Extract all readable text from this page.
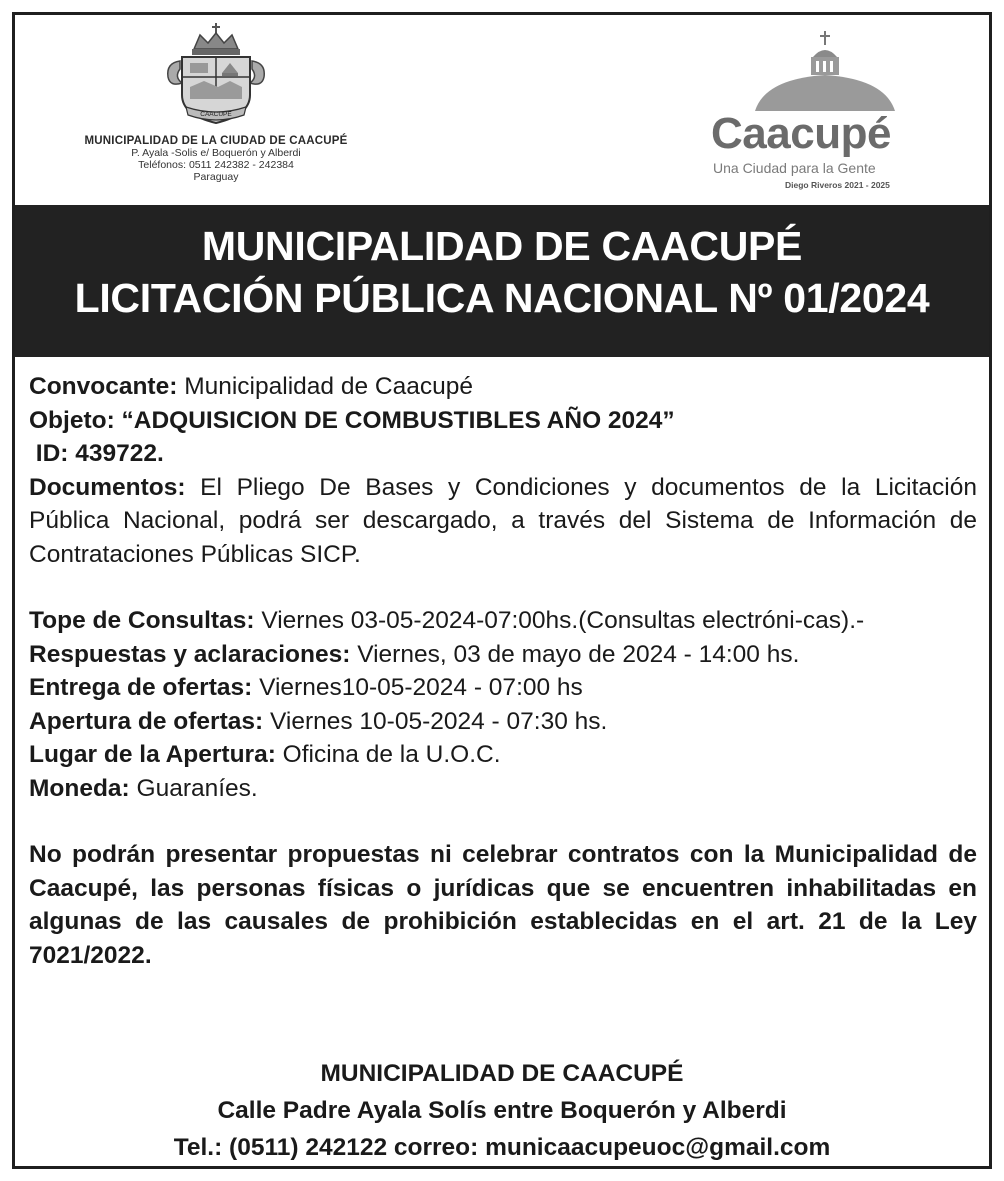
CAACUPE
MUNICIPALIDAD DE LA CIUDAD DE CAACUPÉ
P. Ayala -Solis e/ Boquerón y Alberdi
Teléfonos: 0511 242382 - 242384
Paraguay
Caacupé
Una Ciudad para la Gente
Diego Riveros 2021 - 2025
MUNICIPALIDAD DE CAACUPÉ
LICITACIÓN PÚBLICA NACIONAL Nº 01/2024

Convocante: Municipalidad de Caacupé

Objeto: “ADQUISICION DE COMBUSTIBLES AÑO 2024”

ID: 439722.

Documentos: El Pliego De Bases y Condiciones y documentos de la Licitación Pública Nacional, podrá ser descargado, a través del Sistema de Información de Contrataciones Públicas SICP.

Tope de Consultas: Viernes 03-05-2024-07:00hs.(Consultas electróni-cas).-

Respuestas y aclaraciones: Viernes, 03 de mayo de 2024 - 14:00 hs.

Entrega de ofertas: Viernes10-05-2024 - 07:00 hs

Apertura de ofertas: Viernes 10-05-2024 - 07:30 hs.

Lugar de la Apertura: Oficina de la U.O.C.

Moneda: Guaraníes.

No podrán presentar propuestas ni celebrar contratos con la Municipalidad de Caacupé, las personas físicas o jurídicas que se encuentren inhabilitadas en algunas de las causales de prohibición establecidas en el art. 21 de la Ley 7021/2022.

MUNICIPALIDAD DE CAACUPÉ
Calle Padre Ayala Solís entre Boquerón y Alberdi
Tel.: (0511) 242122 correo: municaacupeuoc@gmail.com
